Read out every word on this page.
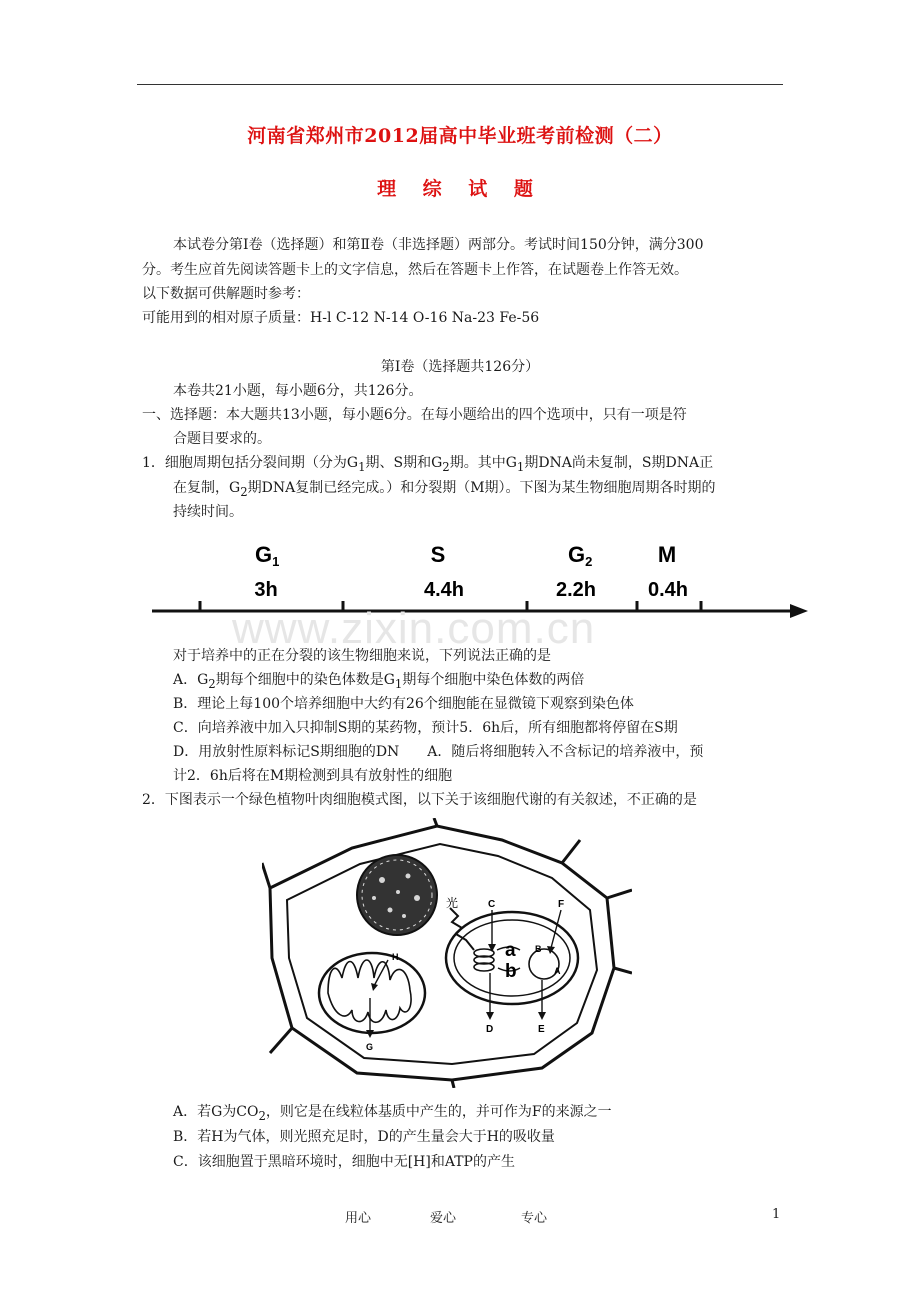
河南省郑州市2012届高中毕业班考前检测（二）
理 综 试 题
本试卷分第Ⅰ卷（选择题）和第Ⅱ卷（非选择题）两部分。考试时间150分钟，满分300
分。考生应首先阅读答题卡上的文字信息，然后在答题卡上作答，在试题卷上作答无效。
以下数据可供解题时参考：
可能用到的相对原子质量：H-l C-12 N-14 O-16 Na-23 Fe-56
第Ⅰ卷（选择题共126分）
本卷共21小题，每小题6分，共126分。
一、选择题：本大题共13小题，每小题6分。在每小题给出的四个选项中，只有一项是符
合题目要求的。
1．细胞周期包括分裂间期（分为$G_1$期、S期和$G_2$期。其中$G_1$期DNA尚未复制，S期DNA正
在复制，$G_2$期DNA复制已经完成。）和分裂期（M期）。下图为某生物细胞周期各时期的
持续时间。
G1
3h
S
4.4h
G2
2.2h
M
0.4h
www.zixin.com.cn
对于培养中的正在分裂的该生物细胞来说，下列说法正确的是
A．$G_2$期每个细胞中的染色体数是$G_1$期每个细胞中染色体数的两倍
B．理论上每100个培养细胞中大约有26个细胞能在显微镜下观察到染色体
C．向培养液中加入只抑制S期的某药物，预计5．6h后，所有细胞都将停留在S期
D．用放射性原料标记S期细胞的DN　　A．随后将细胞转入不含标记的培养液中，预
计2．6h后将在M期检测到具有放射性的细胞
2．下图表示一个绿色植物叶肉细胞模式图，以下关于该细胞代谢的有关叙述，不正确的是
光	C	F
a
b
B
A
H
G
D	E
A．若G为$CO_2$，则它是在线粒体基质中产生的，并可作为F的来源之一
B．若H为气体，则光照充足时，D的产生量会大于H的吸收量
C．该细胞置于黑暗环境时，细胞中无[H]和ATP的产生
用心	爱心	专心	1
